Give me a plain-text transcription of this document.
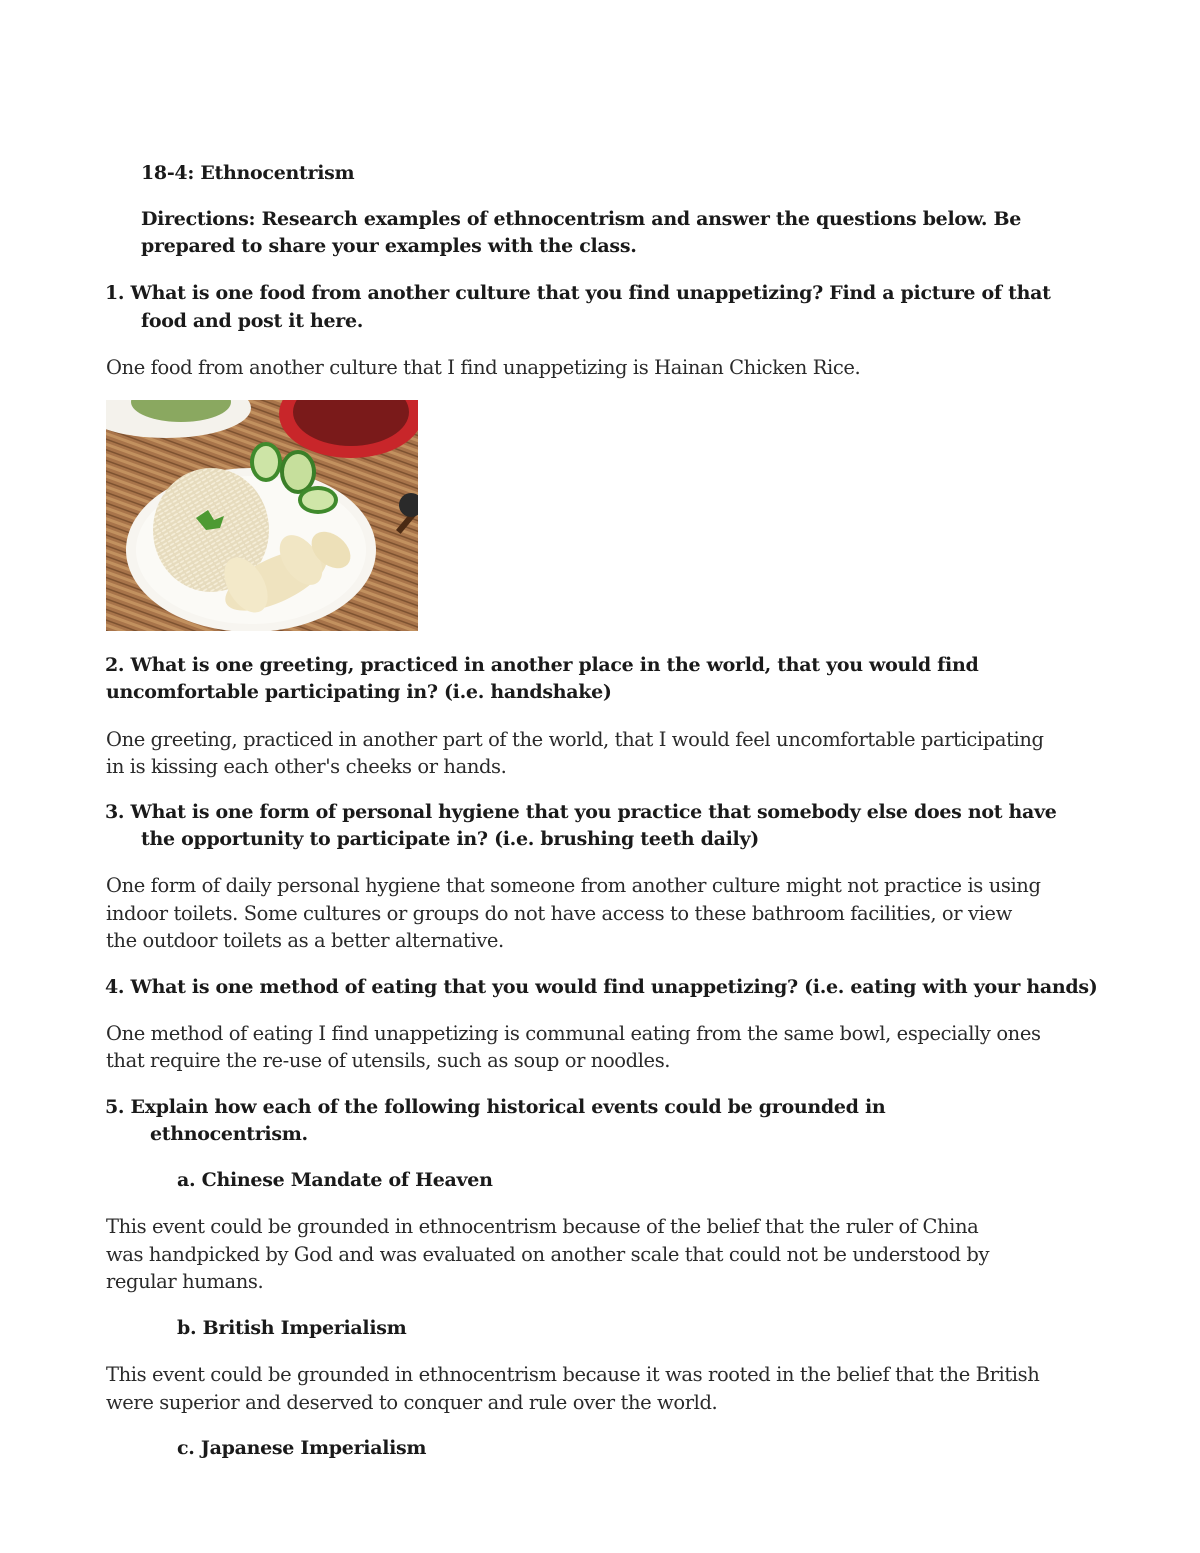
18-4: Ethnocentrism

Directions: Research examples of ethnocentrism and answer the questions below. Be

prepared to share your examples with the class.

1. What is one food from another culture that you find unappetizing? Find a picture of that

food and post it here.

One food from another culture that I find unappetizing is Hainan Chicken Rice.

2. What is one greeting, practiced in another place in the world, that you would find

uncomfortable participating in? (i.e. handshake)

One greeting, practiced in another part of the world, that I would feel uncomfortable participating

in is kissing each other's cheeks or hands.

3. What is one form of personal hygiene that you practice that somebody else does not have

the opportunity to participate in? (i.e. brushing teeth daily)

One form of daily personal hygiene that someone from another culture might not practice is using

indoor toilets. Some cultures or groups do not have access to these bathroom facilities, or view

the outdoor toilets as a better alternative.

4. What is one method of eating that you would find unappetizing? (i.e. eating with your hands)

One method of eating I find unappetizing is communal eating from the same bowl, especially ones

that require the re-use of utensils, such as soup or noodles.

5. Explain how each of the following historical events could be grounded in

ethnocentrism.

a. Chinese Mandate of Heaven

This event could be grounded in ethnocentrism because of the belief that the ruler of China

was handpicked by God and was evaluated on another scale that could not be understood by

regular humans.

b. British Imperialism

This event could be grounded in ethnocentrism because it was rooted in the belief that the British

were superior and deserved to conquer and rule over the world.

c. Japanese Imperialism
